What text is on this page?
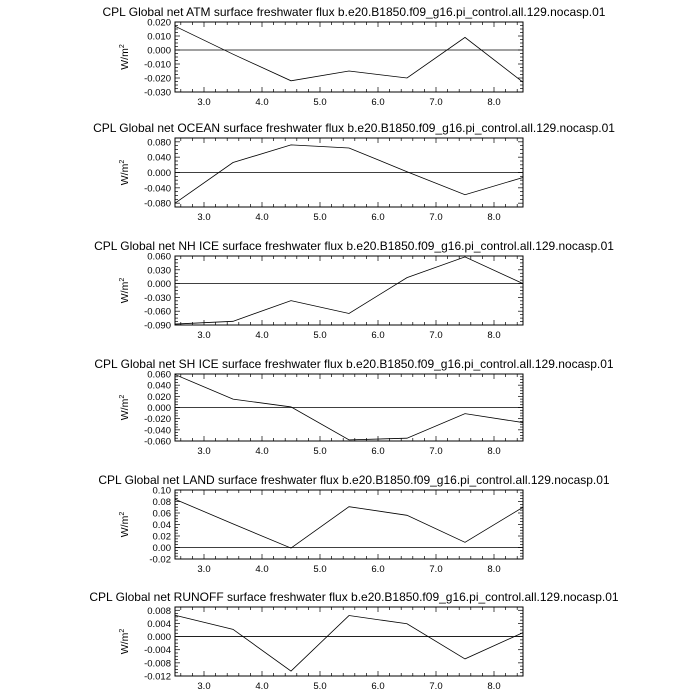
CPL Global net ATM surface freshwater flux b.e20.B1850.f09_g16.pi_control.all.129.nocasp.01
3.0	4.0	5.0	6.0	7.0	8.0
0.020
0.010
0.000
-0.010
-0.020
-0.030
$W/m^2$
CPL Global net OCEAN surface freshwater flux b.e20.B1850.f09_g16.pi_control.all.129.nocasp.01
3.0	4.0	5.0	6.0	7.0	8.0
0.080
0.040
0.000
-0.040
-0.080
$W/m^2$
CPL Global net NH ICE surface freshwater flux b.e20.B1850.f09_g16.pi_control.all.129.nocasp.01
3.0	4.0	5.0	6.0	7.0	8.0
0.060
0.030
0.000
-0.030
-0.060
-0.090
$W/m^2$
CPL Global net SH ICE surface freshwater flux b.e20.B1850.f09_g16.pi_control.all.129.nocasp.01
3.0	4.0	5.0	6.0	7.0	8.0
0.060
0.040
0.020
0.000
-0.020
-0.040
-0.060
$W/m^2$
CPL Global net LAND surface freshwater flux b.e20.B1850.f09_g16.pi_control.all.129.nocasp.01
3.0	4.0	5.0	6.0	7.0	8.0
0.10
0.08
0.06
0.04
0.02
0.00
-0.02
$W/m^2$
CPL Global net RUNOFF surface freshwater flux b.e20.B1850.f09_g16.pi_control.all.129.nocasp.01
3.0	4.0	5.0	6.0	7.0	8.0
0.008
0.004
0.000
-0.004
-0.008
-0.012
$W/m^2$
